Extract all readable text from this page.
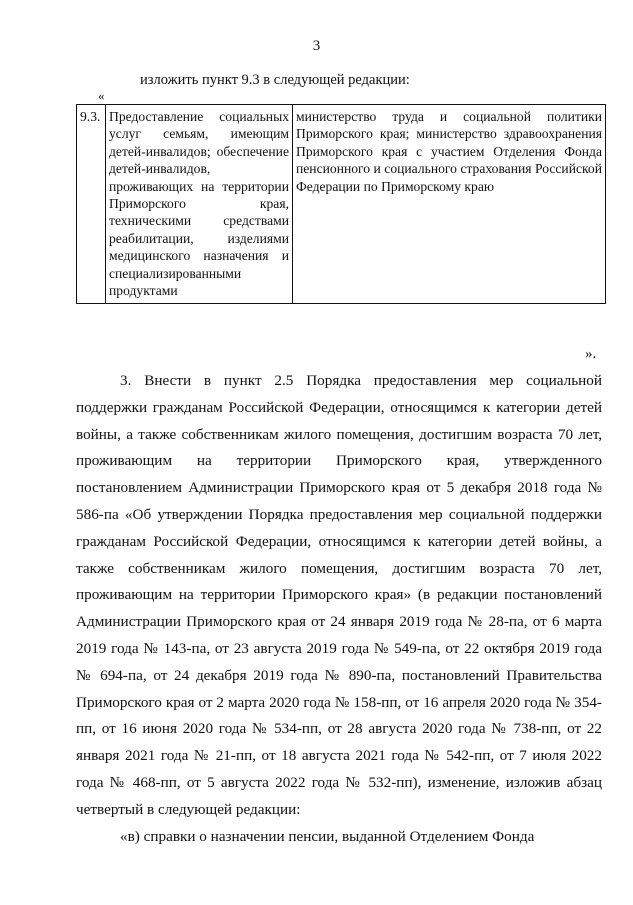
3
изложить пункт 9.3 в следующей редакции:
«
9.3.	Предоставление социальных услуг семьям, имеющим детей-инвалидов; обеспечение детей-инвалидов, проживающих на территории Приморского края, техническими средствами реабилитации, изделиями медицинского назначения и специализированными продуктами	министерство труда и социальной политики Приморского края; министерство здравоохранения Приморского края с участием Отделения Фонда пенсионного и социального страхования Российской Федерации по Приморскому краю
».

3. Внести в пункт 2.5 Порядка предоставления мер социальной поддержки гражданам Российской Федерации, относящимся к категории детей войны, а также собственникам жилого помещения, достигшим возраста 70 лет, проживающим на территории Приморского края, утвержденного постановлением Администрации Приморского края от 5 декабря 2018 года № 586-па «Об утверждении Порядка предоставления мер социальной поддержки гражданам Российской Федерации, относящимся к категории детей войны, а также собственникам жилого помещения, достигшим возраста 70 лет, проживающим на территории Приморского края» (в редакции постановлений Администрации Приморского края от 24 января 2019 года № 28-па, от 6 марта 2019 года № 143-па, от 23 августа 2019 года № 549-па, от 22 октября 2019 года № 694-па, от 24 декабря 2019 года № 890-па, постановлений Правительства Приморского края от 2 марта 2020 года № 158-пп, от 16 апреля 2020 года № 354-пп, от 16 июня 2020 года № 534-пп, от 28 августа 2020 года № 738-пп, от 22 января 2021 года № 21-пп, от 18 августа 2021 года № 542-пп, от 7 июля 2022 года № 468-пп, от 5 августа 2022 года № 532-пп), изменение, изложив абзац четвертый в следующей редакции:

«в) справки о назначении пенсии, выданной Отделением Фонда
